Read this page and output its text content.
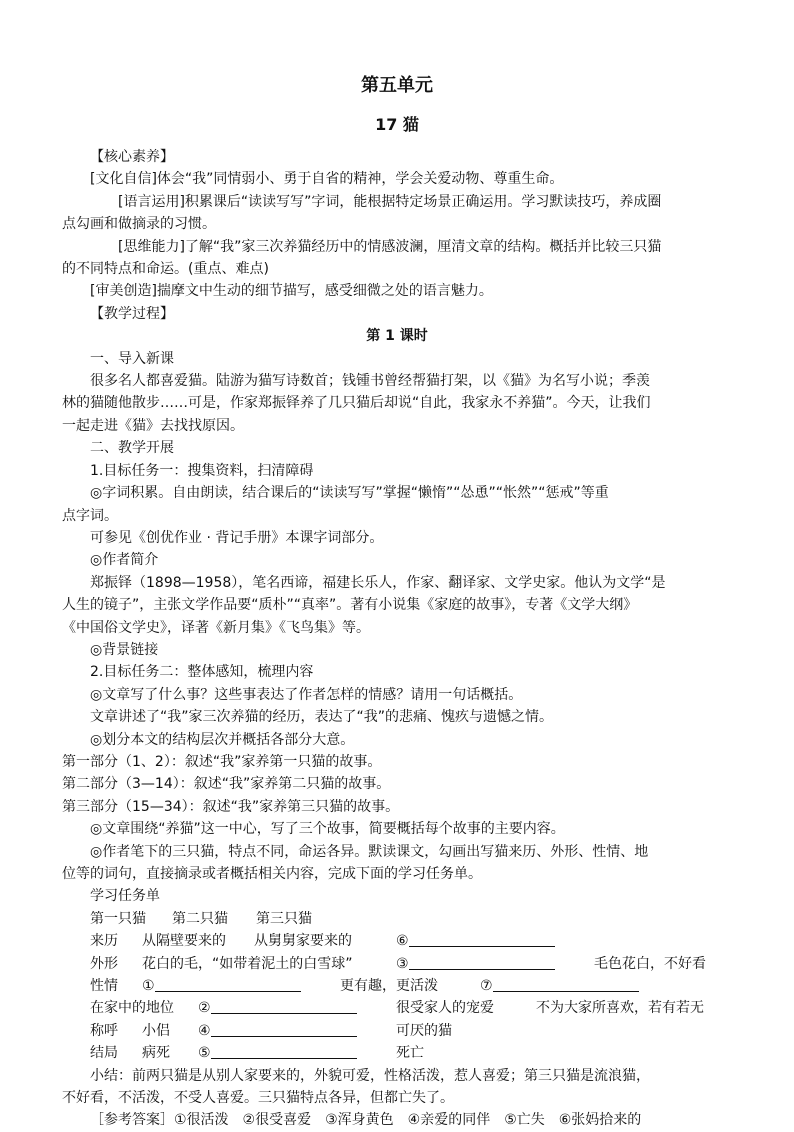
第五单元
17 猫

【核心素养】

[文化自信]体会“我”同情弱小、勇于自省的精神，学会关爱动物、尊重生命。

[语言运用]积累课后“读读写写”字词，能根据特定场景正确运用。学习默读技巧，养成圈

点勾画和做摘录的习惯。

[思维能力]了解“我”家三次养猫经历中的情感波澜，厘清文章的结构。概括并比较三只猫

的不同特点和命运。(重点、难点)

[审美创造]揣摩文中生动的细节描写，感受细微之处的语言魅力。

【教学过程】

第 1 课时

一、导入新课

很多名人都喜爱猫。陆游为猫写诗数首；钱锺书曾经帮猫打架，以《猫》为名写小说；季羡

林的猫随他散步……可是，作家郑振铎养了几只猫后却说“自此，我家永不养猫”。今天，让我们

一起走进《猫》去找找原因。

二、教学开展

1.目标任务一：搜集资料，扫清障碍

◎字词积累。自由朗读，结合课后的“读读写写”掌握“懒惰”“怂恿”“怅然”“惩戒”等重

点字词。

可参见《创优作业 · 背记手册》本课字词部分。

◎作者简介

郑振铎（1898—1958），笔名西谛，福建长乐人，作家、翻译家、文学史家。他认为文学“是

人生的镜子”，主张文学作品要“质朴”“真率”。著有小说集《家庭的故事》，专著《文学大纲》

《中国俗文学史》，译著《新月集》《飞鸟集》等。

◎背景链接

2.目标任务二：整体感知，梳理内容

◎文章写了什么事？这些事表达了作者怎样的情感？请用一句话概括。

文章讲述了“我”家三次养猫的经历，表达了“我”的悲痛、愧疚与遗憾之情。

◎划分本文的结构层次并概括各部分大意。

第一部分（1、2）：叙述“我”家养第一只猫的故事。

第二部分（3—14）：叙述“我”家养第二只猫的故事。

第三部分（15—34）：叙述“我”家养第三只猫的故事。

◎文章围绕“养猫”这一中心，写了三个故事，简要概括每个故事的主要内容。

◎作者笔下的三只猫，特点不同，命运各异。默读课文，勾画出写猫来历、外形、性情、地

位等的词句，直接摘录或者概括相关内容，完成下面的学习任务单。

学习任务单

第一只猫 第二只猫 第三只猫
来历 从隔壁要来的 从舅舅家要来的	⑥
外形 花白的毛，“如带着泥土的白雪球”	③	毛色花白，不好看
性情 ①	更有趣，更活泼	⑦
在家中的地位 ②	很受家人的宠爱	不为大家所喜欢，若有若无
称呼 小侣 ④	可厌的猫
结局 病死 ⑤	死亡

小结：前两只猫是从别人家要来的，外貌可爱，性格活泼，惹人喜爱；第三只猫是流浪猫，

不好看，不活泼，不受人喜爱。三只猫特点各异，但都亡失了。

［参考答案］①很活泼　②很受喜爱　③浑身黄色　④亲爱的同伴　⑤亡失　⑥张妈拾来的
